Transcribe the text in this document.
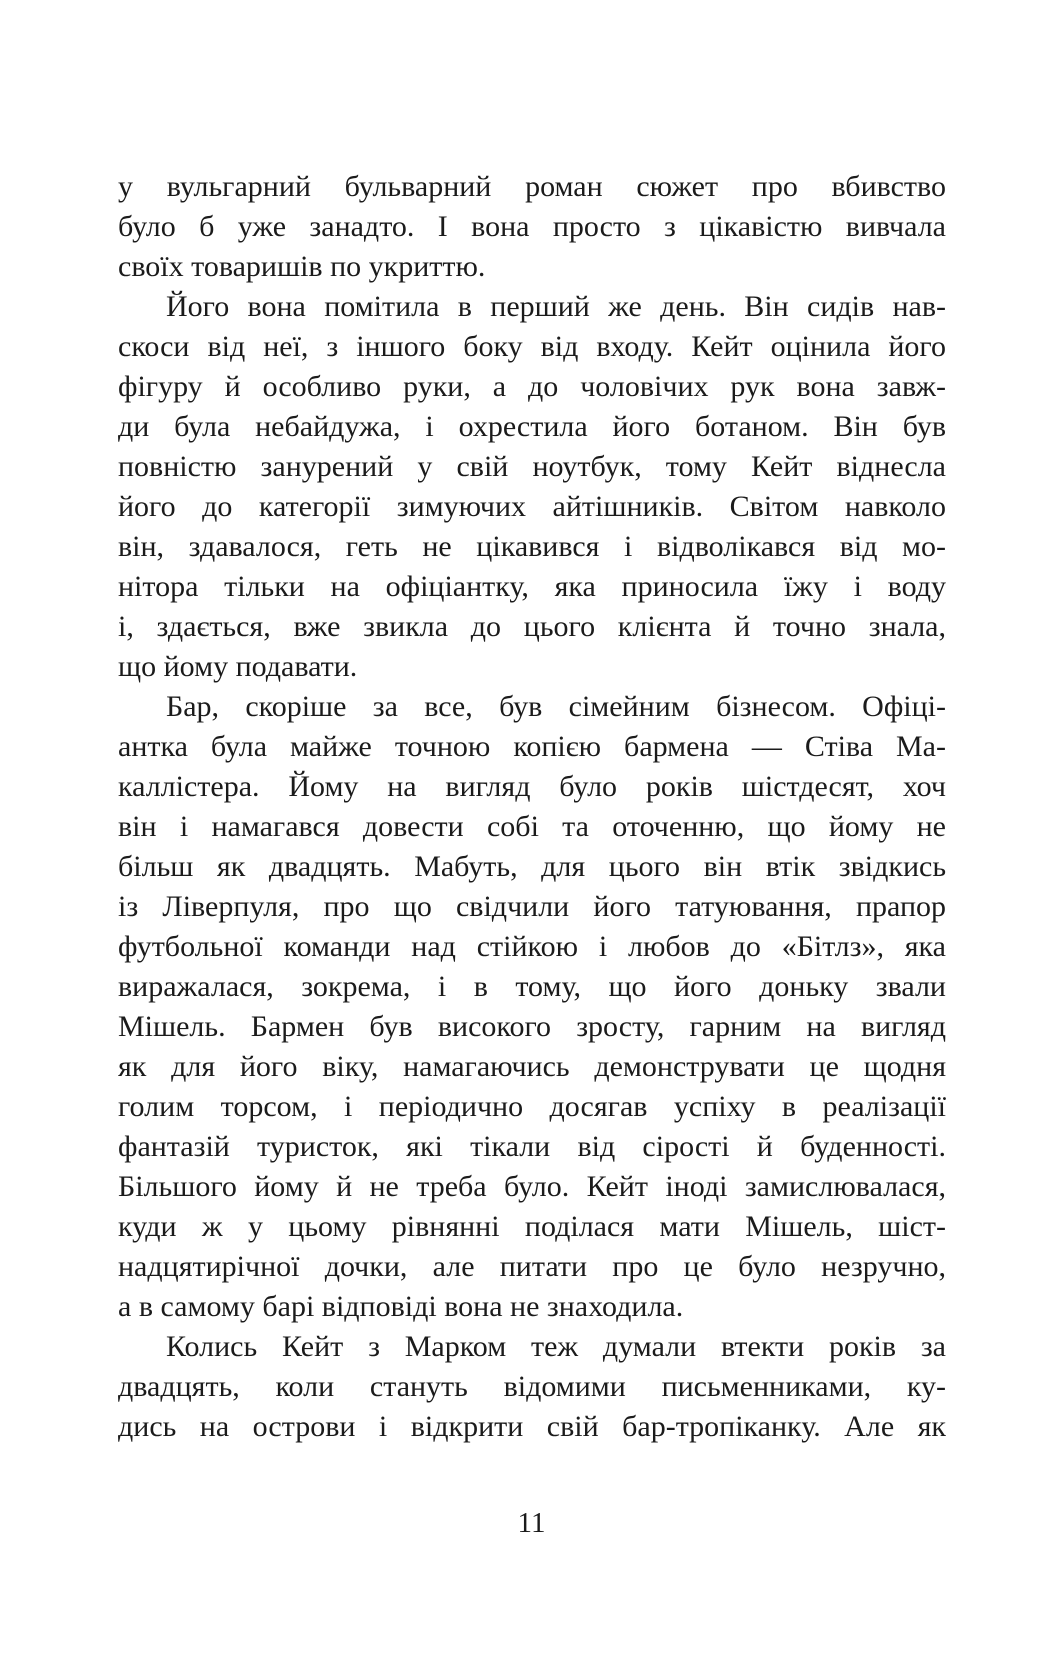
у вульгарний бульварний роман сюжет про вбивство
було б уже занадто. І вона просто з цікавістю вивчала
своїх товаришів по укриттю.
Його вона помітила в перший же день. Він сидів нав-
скоси від неї, з іншого боку від входу. Кейт оцінила його
фігуру й особливо руки, а до чоловічих рук вона завж-
ди була небайдужа, і охрестила його ботаном. Він був
повністю занурений у свій ноутбук, тому Кейт віднесла
його до категорії зимуючих айтішників. Світом навколо
він, здавалося, геть не цікавився і відволікався від мо-
нітора тільки на офіціантку, яка приносила їжу і воду
і, здається, вже звикла до цього клієнта й точно знала,
що йому подавати.
Бар, скоріше за все, був сімейним бізнесом. Офіці-
антка була майже точною копією бармена — Стіва Ма-
каллістера. Йому на вигляд було років шістдесят, хоч
він і намагався довести собі та оточенню, що йому не
більш як двадцять. Мабуть, для цього він втік звідкись
із Ліверпуля, про що свідчили його татуювання, прапор
футбольної команди над стійкою і любов до «Бітлз», яка
виражалася, зокрема, і в тому, що його доньку звали
Мішель. Бармен був високого зросту, гарним на вигляд
як для його віку, намагаючись демонструвати це щодня
голим торсом, і періодично досягав успіху в реалізації
фантазій туристок, які тікали від сірості й буденності.
Більшого йому й не треба було. Кейт іноді замислювалася,
куди ж у цьому рівнянні поділася мати Мішель, шіст-
надцятирічної дочки, але питати про це було незручно,
а в самому барі відповіді вона не знаходила.
Колись Кейт з Марком теж думали втекти років за
двадцять, коли стануть відомими письменниками, ку-
дись на острови і відкрити свій бар-тропіканку. Але як
11
